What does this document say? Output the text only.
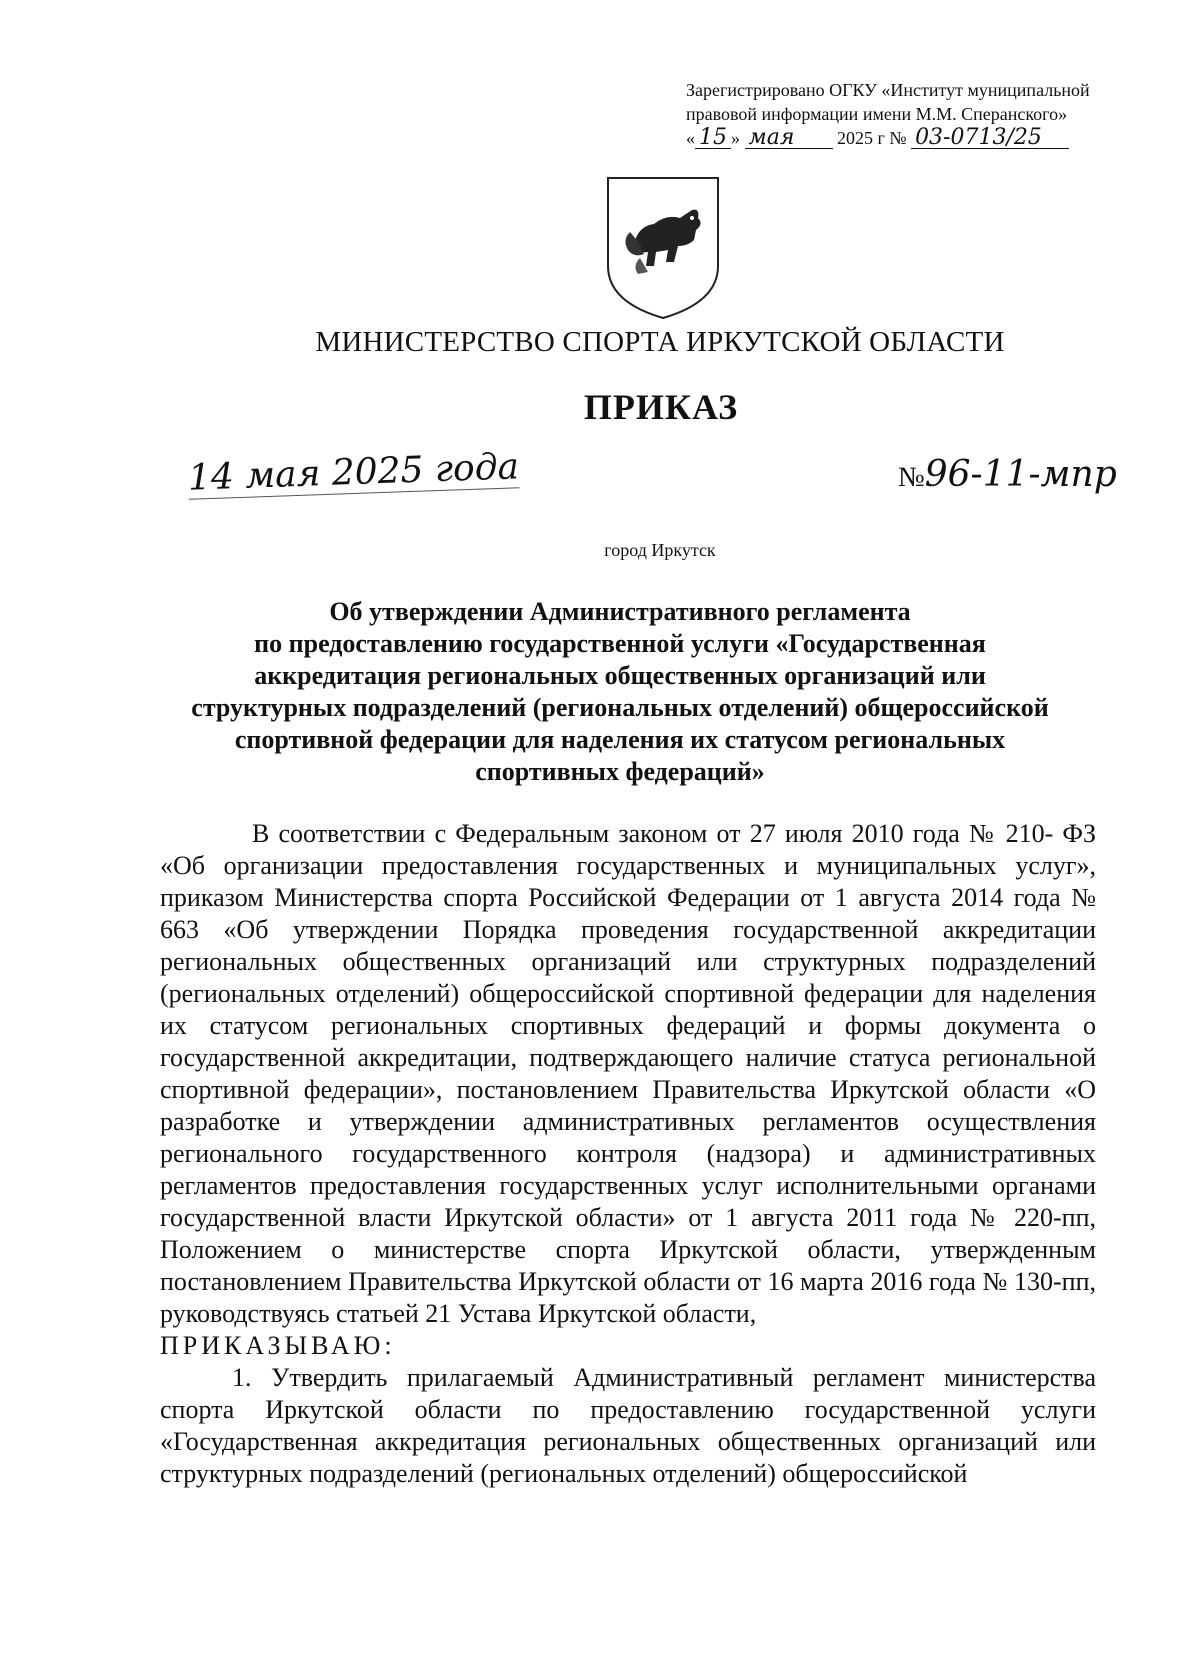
Зарегистрировано ОГКУ «Институт муниципальной
правовой информации имени М.М. Сперанского»
« 15 » мая 2025 г № 03-0713/25
МИНИСТЕРСТВО СПОРТА ИРКУТСКОЙ ОБЛАСТИ
ПРИКАЗ
14 мая 2025 года	№96-11-мпр
город Иркутск
Об утверждении Административного регламента
по предоставлению государственной услуги «Государственная
аккредитация региональных общественных организаций или
структурных подразделений (региональных отделений) общероссийской
спортивной федерации для наделения их статусом региональных
спортивных федераций»

В соответствии с Федеральным законом от 27 июля 2010 года № 210- ФЗ «Об организации предоставления государственных и муниципальных услуг», приказом Министерства спорта Российской Федерации от 1 августа 2014 года № 663 «Об утверждении Порядка проведения государственной аккредитации региональных общественных организаций или структурных подразделений (региональных отделений) общероссийской спортивной федерации для наделения их статусом региональных спортивных федераций и формы документа о государственной аккредитации, подтверждающего наличие статуса региональной спортивной федерации», постановлением Правительства Иркутской области «О разработке и утверждении административных регламентов осуществления регионального государственного контроля (надзора) и административных регламентов предоставления государственных услуг исполнительными органами государственной власти Иркутской области» от 1 августа 2011 года № 220-пп, Положением о министерстве спорта Иркутской области, утвержденным постановлением Правительства Иркутской области от 16 марта 2016 года № 130-пп, руководствуясь статьей 21 Устава Иркутской области,

ПРИКАЗЫВАЮ:

1. Утвердить прилагаемый Административный регламент министерства спорта Иркутской области по предоставлению государственной услуги «Государственная аккредитация региональных общественных организаций или структурных подразделений (региональных отделений) общероссийской
